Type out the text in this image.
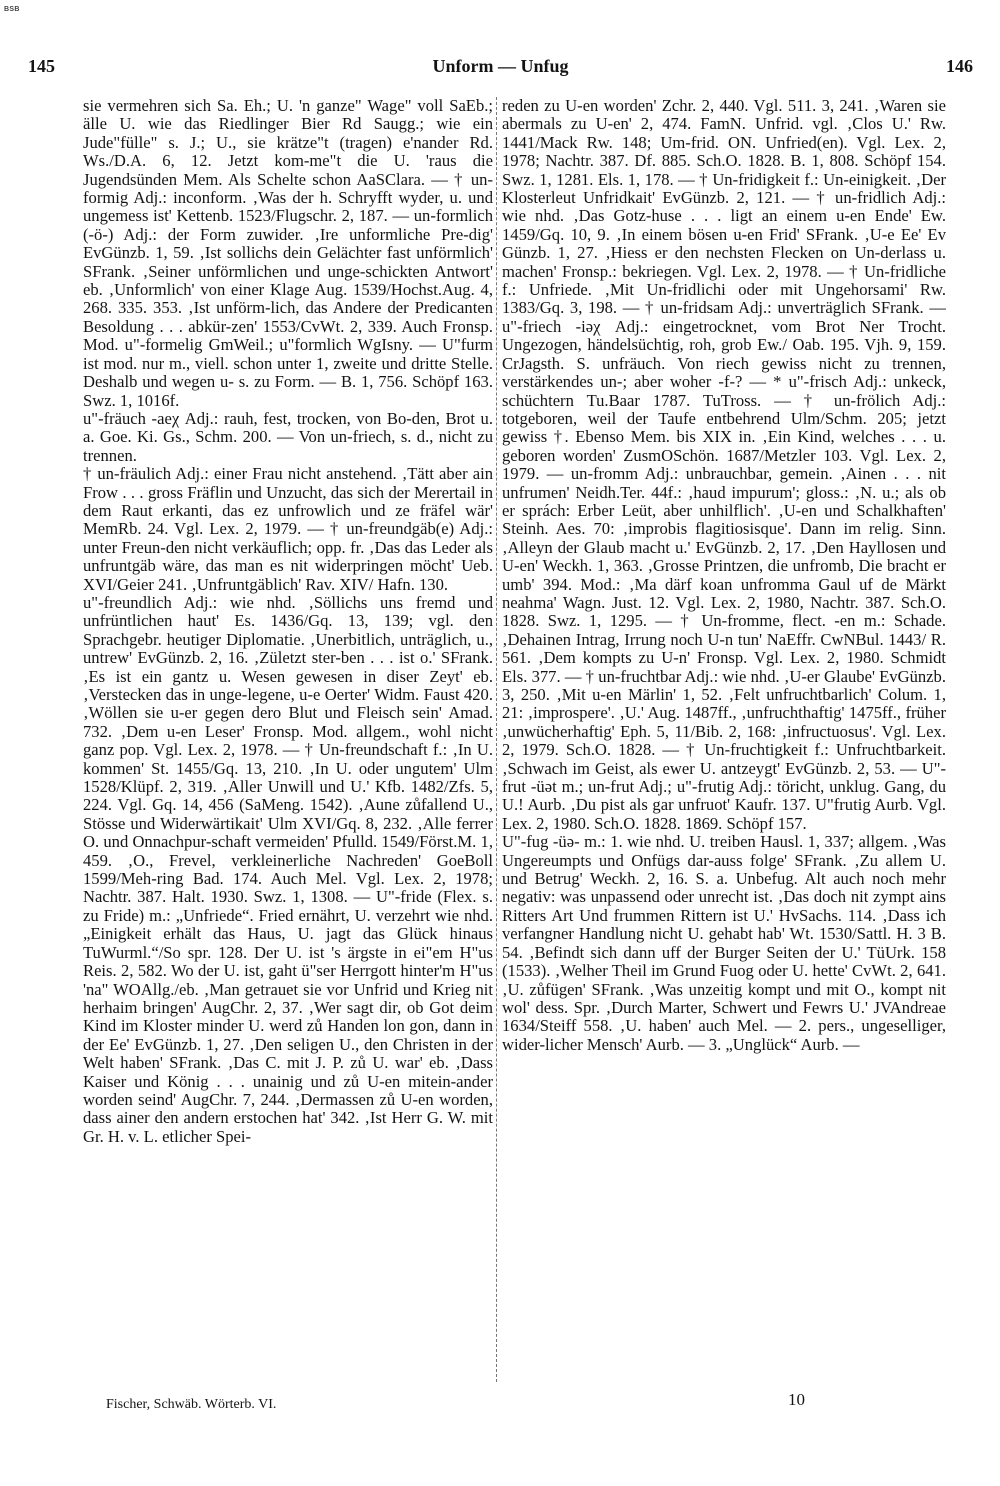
BSB
145	Unform — Unfug	146

sie vermehren sich Sa. Eh.; U. 'n ganze" Wage" voll SaEb.; älle U. wie das Riedlinger Bier Rd Saugg.; wie ein Jude"fülle" s. J.; U., sie krätze"t (tragen) e'nander Rd. Ws./D.A. 6, 12. Jetzt kom-me"t die U. 'raus die Jugendsünden Mem. Als Schelte schon AaSClara. — † un-formig Adj.: inconform. ‚Was der h. Schryfft wyder, u. und ungemess ist' Kettenb. 1523/Flugschr. 2, 187. — un-formlich (-ö-) Adj.: der Form zuwider. ‚Ire unformliche Pre-dig' EvGünzb. 1, 59. ‚Ist sollichs dein Gelächter fast unförmlich' SFrank. ‚Seiner unförmlichen und unge-schickten Antwort' eb. ‚Unformlich' von einer Klage Aug. 1539/Hochst.Aug. 4, 268. 335. 353. ‚Ist unförm-lich, das Andere der Predicanten Besoldung . . . abkür-zen' 1553/CvWt. 2, 339. Auch Fronsp. Mod. u"-formelig GmWeil.; u"formlich WgIsny. — U"furm ist mod. nur m., viell. schon unter 1, zweite und dritte Stelle. Deshalb und wegen u- s. zu Form. — B. 1, 756. Schöpf 163. Swz. 1, 1016f.

u"-fräuch -aeχ Adj.: rauh, fest, trocken, von Bo-den, Brot u. a. Goe. Ki. Gs., Schm. 200. — Von un-friech, s. d., nicht zu trennen.

† un-fräulich Adj.: einer Frau nicht anstehend. ‚Tätt aber ain Frow . . . gross Fräflin und Unzucht, das sich der Merertail in dem Raut erkanti, das ez unfrowlich und ze fräfel wär' MemRb. 24. Vgl. Lex. 2, 1979. — † un-freundgäb(e) Adj.: unter Freun-den nicht verkäuflich; opp. fr. ‚Das das Leder als unfruntgäb wäre, das man es nit widerpringen möcht' Ueb. XVI/Geier 241. ‚Unfruntgäblich' Rav. XIV/ Hafn. 130.

u"-freundlich Adj.: wie nhd. ‚Söllichs uns fremd und unfrüntlichen haut' Es. 1436/Gq. 13, 139; vgl. den Sprachgebr. heutiger Diplomatie. ‚Unerbitlich, unträglich, u., untrew' EvGünzb. 2, 16. ‚Zületzt ster-ben . . . ist o.' SFrank. ‚Es ist ein gantz u. Wesen gewesen in diser Zeyt' eb. ‚Verstecken das in unge-legene, u-e Oerter' Widm. Faust 420. ‚Wöllen sie u-er gegen dero Blut und Fleisch sein' Amad. 732. ‚Dem u-en Leser' Fronsp. Mod. allgem., wohl nicht ganz pop. Vgl. Lex. 2, 1978. — † Un-freundschaft f.: ‚In U. kommen' St. 1455/Gq. 13, 210. ‚In U. oder ungutem' Ulm 1528/Klüpf. 2, 319. ‚Aller Unwill und U.' Kfb. 1482/Zfs. 5, 224. Vgl. Gq. 14, 456 (SaMeng. 1542). ‚Aune zůfallend U., Stösse und Widerwärtikait' Ulm XVI/Gq. 8, 232. ‚Alle ferrer O. und Onnachpur-schaft vermeiden' Pfulld. 1549/Först.M. 1, 459. ‚O., Frevel, verkleinerliche Nachreden' GoeBoll 1599/Meh-ring Bad. 174. Auch Mel. Vgl. Lex. 2, 1978; Nachtr. 387. Halt. 1930. Swz. 1, 1308. — U"-fride (Flex. s. zu Fride) m.: „Unfriede“. Fried ernährt, U. verzehrt wie nhd. „Einigkeit erhält das Haus, U. jagt das Glück hinaus TuWurml.“/So spr. 128. Der U. ist 's ärgste in ei"em H"us Reis. 2, 582. Wo der U. ist, gaht ü"ser Herrgott hinter'm H"us 'na" WOAllg./eb. ‚Man getrauet sie vor Unfrid und Krieg nit herhaim bringen' AugChr. 2, 37. ‚Wer sagt dir, ob Got deim Kind im Kloster minder U. werd zů Handen lon gon, dann in der Ee' EvGünzb. 1, 27. ‚Den seligen U., den Christen in der Welt haben' SFrank. ‚Das C. mit J. P. zů U. war' eb. ‚Dass Kaiser und König . . . unainig und zů U-en mitein-ander worden seind' AugChr. 7, 244. ‚Dermassen zů U-en worden, dass ainer den andern erstochen hat' 342. ‚Ist Herr G. W. mit Gr. H. v. L. etlicher Spei-

reden zu U-en worden' Zchr. 2, 440. Vgl. 511. 3, 241. ‚Waren sie abermals zu U-en' 2, 474. FamN. Unfrid. vgl. ‚Clos U.' Rw. 1441/Mack Rw. 148; Um-frid. ON. Unfried(en). Vgl. Lex. 2, 1978; Nachtr. 387. Df. 885. Sch.O. 1828. B. 1, 808. Schöpf 154. Swz. 1, 1281. Els. 1, 178. — † Un-fridigkeit f.: Un-einigkeit. ‚Der Klosterleut Unfridkait' EvGünzb. 2, 121. — † un-fridlich Adj.: wie nhd. ‚Das Gotz-huse . . . ligt an einem u-en Ende' Ew. 1459/Gq. 10, 9. ‚In einem bösen u-en Frid' SFrank. ‚U-e Ee' Ev Günzb. 1, 27. ‚Hiess er den nechsten Flecken on Un-derlass u. machen' Fronsp.: bekriegen. Vgl. Lex. 2, 1978. — † Un-fridliche f.: Unfriede. ‚Mit Un-fridlichi oder mit Ungehorsami' Rw. 1383/Gq. 3, 198. — † un-fridsam Adj.: unverträglich SFrank. — u"-friech -iəχ Adj.: eingetrocknet, vom Brot Ner Trocht. Ungezogen, händelsüchtig, roh, grob Ew./ Oab. 195. Vjh. 9, 159. CrJagsth. S. unfräuch. Von riech gewiss nicht zu trennen, verstärkendes un-; aber woher -f-? — * u"-frisch Adj.: unkeck, schüchtern Tu.Baar 1787. TuTross. — † un-frölich Adj.: totgeboren, weil der Taufe entbehrend Ulm/Schm. 205; jetzt gewiss †. Ebenso Mem. bis XIX in. ‚Ein Kind, welches . . . u. geboren worden' ZusmOSchön. 1687/Metzler 103. Vgl. Lex. 2, 1979. — un-fromm Adj.: unbrauchbar, gemein. ‚Ainen . . . nit unfrumen' Neidh.Ter. 44f.: ‚haud impurum'; gloss.: ‚N. u.; als ob er sprách: Erber Leüt, aber unhilflich'. ‚U-en und Schalkhaften' Steinh. Aes. 70: ‚improbis flagitiosisque'. Dann im relig. Sinn. ‚Alleyn der Glaub macht u.' EvGünzb. 2, 17. ‚Den Hayllosen und U-en' Weckh. 1, 363. ‚Grosse Printzen, die unfromb, Die bracht er umb' 394. Mod.: ‚Ma därf koan unfromma Gaul uf de Märkt neahma' Wagn. Just. 12. Vgl. Lex. 2, 1980, Nachtr. 387. Sch.O. 1828. Swz. 1, 1295. — † Un-fromme, flect. -en m.: Schade. ‚Dehainen Intrag, Irrung noch U-n tun' NaEffr. CwNBul. 1443/ R. 561. ‚Dem kompts zu U-n' Fronsp. Vgl. Lex. 2, 1980. Schmidt Els. 377. — † un-fruchtbar Adj.: wie nhd. ‚U-er Glaube' EvGünzb. 3, 250. ‚Mit u-en Märlin' 1, 52. ‚Felt unfruchtbarlich' Colum. 1, 21: ‚improspere'. ‚U.' Aug. 1487ff., ‚unfruchthaftig' 1475ff., früher ‚unwücherhaftig' Eph. 5, 11/Bib. 2, 168: ‚infructuosus'. Vgl. Lex. 2, 1979. Sch.O. 1828. — † Un-fruchtigkeit f.: Unfruchtbarkeit. ‚Schwach im Geist, als ewer U. antzeygt' EvGünzb. 2, 53. — U"-frut -üət m.; un-frut Adj.; u"-frutig Adj.: töricht, unklug. Gang, du U.! Aurb. ‚Du pist als gar unfruot' Kaufr. 137. U"frutig Aurb. Vgl. Lex. 2, 1980. Sch.O. 1828. 1869. Schöpf 157.

U"-fug -üə- m.: 1. wie nhd. U. treiben Hausl. 1, 337; allgem. ‚Was Ungereumpts und Onfügs dar-auss folge' SFrank. ‚Zu allem U. und Betrug' Weckh. 2, 16. S. a. Unbefug. Alt auch noch mehr negativ: was unpassend oder unrecht ist. ‚Das doch nit zympt ains Ritters Art Und frummen Rittern ist U.' HvSachs. 114. ‚Dass ich verfangner Handlung nicht U. gehabt hab' Wt. 1530/Sattl. H. 3 B. 54. ‚Befindt sich dann uff der Burger Seiten der U.' TüUrk. 158 (1533). ‚Welher Theil im Grund Fuog oder U. hette' CvWt. 2, 641. ‚U. zůfügen' SFrank. ‚Was unzeitig kompt und mit O., kompt nit wol' dess. Spr. ‚Durch Marter, Schwert und Fewrs U.' JVAndreae 1634/Steiff 558. ‚U. haben' auch Mel. — 2. pers., ungeselliger, wider-licher Mensch' Aurb. — 3. „Unglück“ Aurb. —

Fischer, Schwäb. Wörterb. VI.	10
